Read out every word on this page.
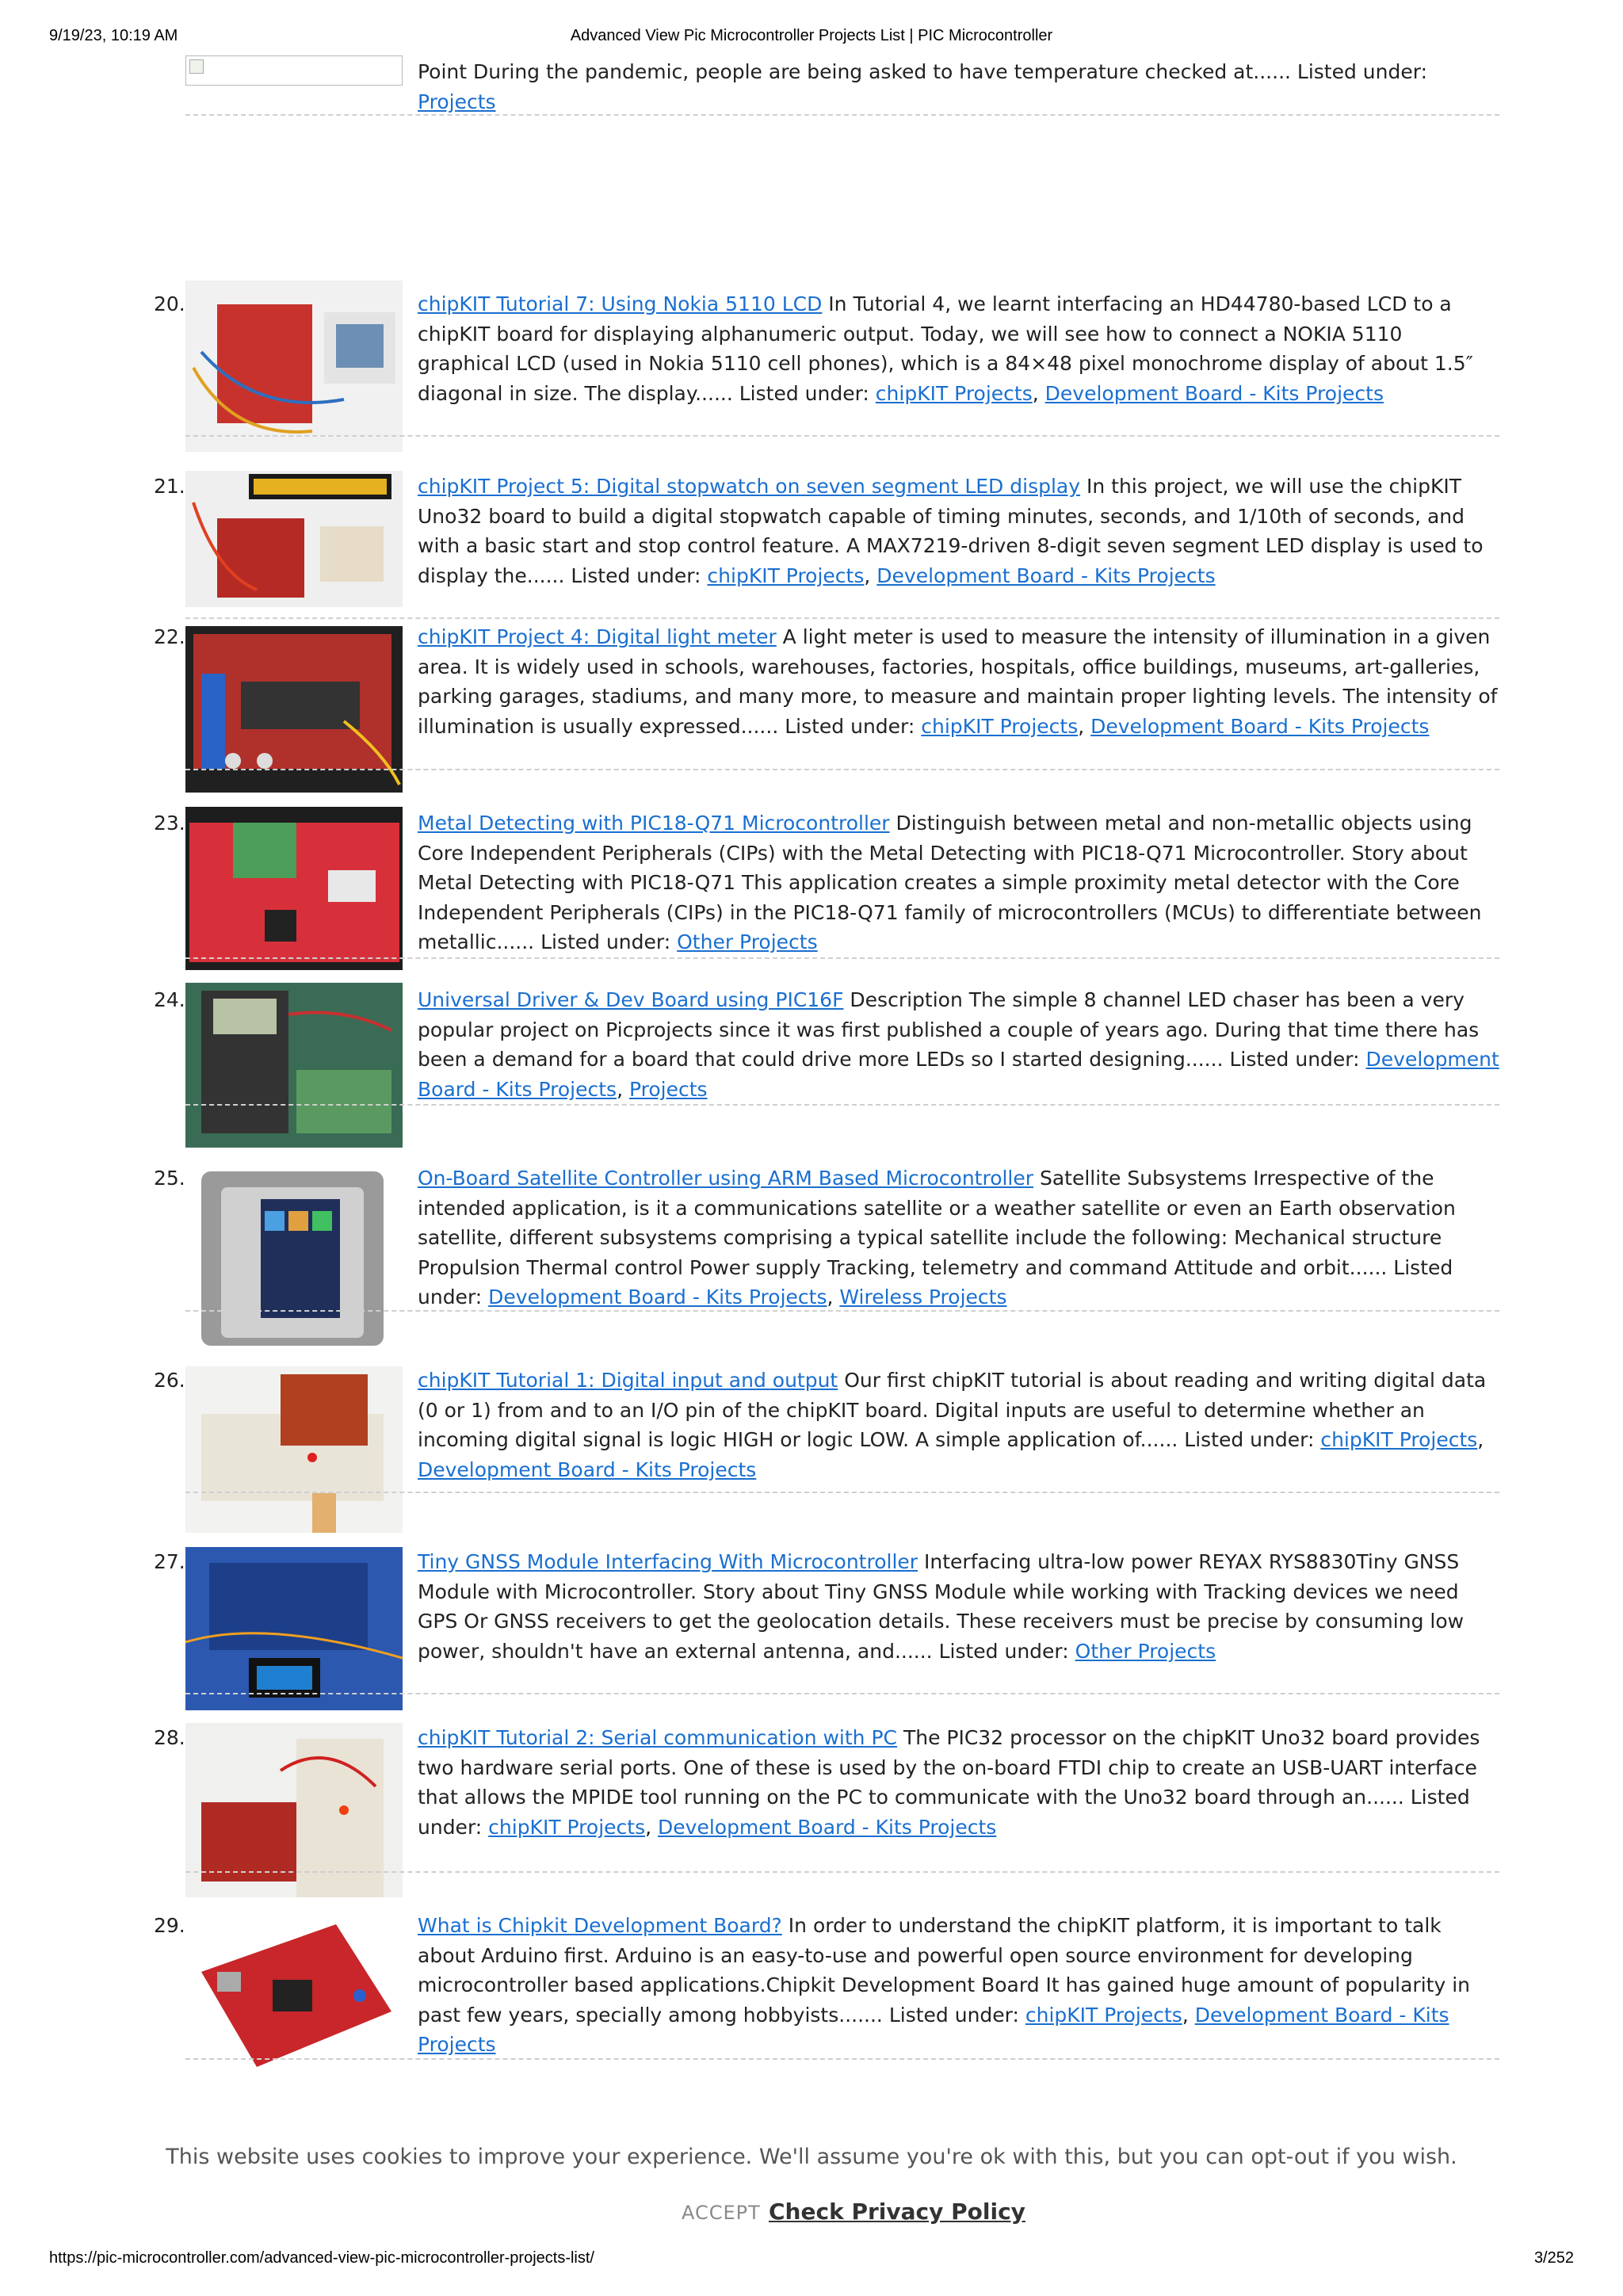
9/19/23, 10:19 AM	Advanced View Pic Microcontroller Projects List | PIC Microcontroller
Point During the pandemic, people are being asked to have temperature checked at...... Listed under: Projects
20.	chipKIT Tutorial 7: Using Nokia 5110 LCD In Tutorial 4, we learnt interfacing an HD44780-based LCD to a chipKIT board for displaying alphanumeric output. Today, we will see how to connect a NOKIA 5110 graphical LCD (used in Nokia 5110 cell phones), which is a 84×48 pixel monochrome display of about 1.5″ diagonal in size. The display...... Listed under: chipKIT Projects, Development Board - Kits Projects
21.	chipKIT Project 5: Digital stopwatch on seven segment LED display In this project, we will use the chipKIT Uno32 board to build a digital stopwatch capable of timing minutes, seconds, and 1/10th of seconds, and with a basic start and stop control feature. A MAX7219-driven 8-digit seven segment LED display is used to display the...... Listed under: chipKIT Projects, Development Board - Kits Projects
22.	chipKIT Project 4: Digital light meter A light meter is used to measure the intensity of illumination in a given area. It is widely used in schools, warehouses, factories, hospitals, office buildings, museums, art-galleries, parking garages, stadiums, and many more, to measure and maintain proper lighting levels. The intensity of illumination is usually expressed...... Listed under: chipKIT Projects, Development Board - Kits Projects
23.	Metal Detecting with PIC18-Q71 Microcontroller Distinguish between metal and non-metallic objects using Core Independent Peripherals (CIPs) with the Metal Detecting with PIC18-Q71 Microcontroller. Story about Metal Detecting with PIC18-Q71 This application creates a simple proximity metal detector with the Core Independent Peripherals (CIPs) in the PIC18-Q71 family of microcontrollers (MCUs) to differentiate between metallic...... Listed under: Other Projects
24.	Universal Driver & Dev Board using PIC16F Description The simple 8 channel LED chaser has been a very popular project on Picprojects since it was first published a couple of years ago. During that time there has been a demand for a board that could drive more LEDs so I started designing...... Listed under: Development Board - Kits Projects, Projects
25.	On-Board Satellite Controller using ARM Based Microcontroller Satellite Subsystems Irrespective of the intended application, is it a communications satellite or a weather satellite or even an Earth observation satellite, different subsystems comprising a typical satellite include the following: Mechanical structure Propulsion Thermal control Power supply Tracking, telemetry and command Attitude and orbit...... Listed under: Development Board - Kits Projects, Wireless Projects
26.	chipKIT Tutorial 1: Digital input and output Our first chipKIT tutorial is about reading and writing digital data (0 or 1) from and to an I/O pin of the chipKIT board. Digital inputs are useful to determine whether an incoming digital signal is logic HIGH or logic LOW. A simple application of...... Listed under: chipKIT Projects, Development Board - Kits Projects
27.	Tiny GNSS Module Interfacing With Microcontroller Interfacing ultra-low power REYAX RYS8830Tiny GNSS Module with Microcontroller. Story about Tiny GNSS Module while working with Tracking devices we need GPS Or GNSS receivers to get the geolocation details. These receivers must be precise by consuming low power, shouldn't have an external antenna, and...... Listed under: Other Projects
28.	chipKIT Tutorial 2: Serial communication with PC The PIC32 processor on the chipKIT Uno32 board provides two hardware serial ports. One of these is used by the on-board FTDI chip to create an USB-UART interface that allows the MPIDE tool running on the PC to communicate with the Uno32 board through an...... Listed under: chipKIT Projects, Development Board - Kits Projects
29.	What is Chipkit Development Board? In order to understand the chipKIT platform, it is important to talk about Arduino first. Arduino is an easy-to-use and powerful open source environment for developing microcontroller based applications.Chipkit Development Board It has gained huge amount of popularity in past few years, specially among hobbyists....... Listed under: chipKIT Projects, Development Board - Kits Projects
This website uses cookies to improve your experience. We'll assume you're ok with this, but you can opt-out if you wish.
ACCEPT Check Privacy Policy
https://pic-microcontroller.com/advanced-view-pic-microcontroller-projects-list/	3/252
